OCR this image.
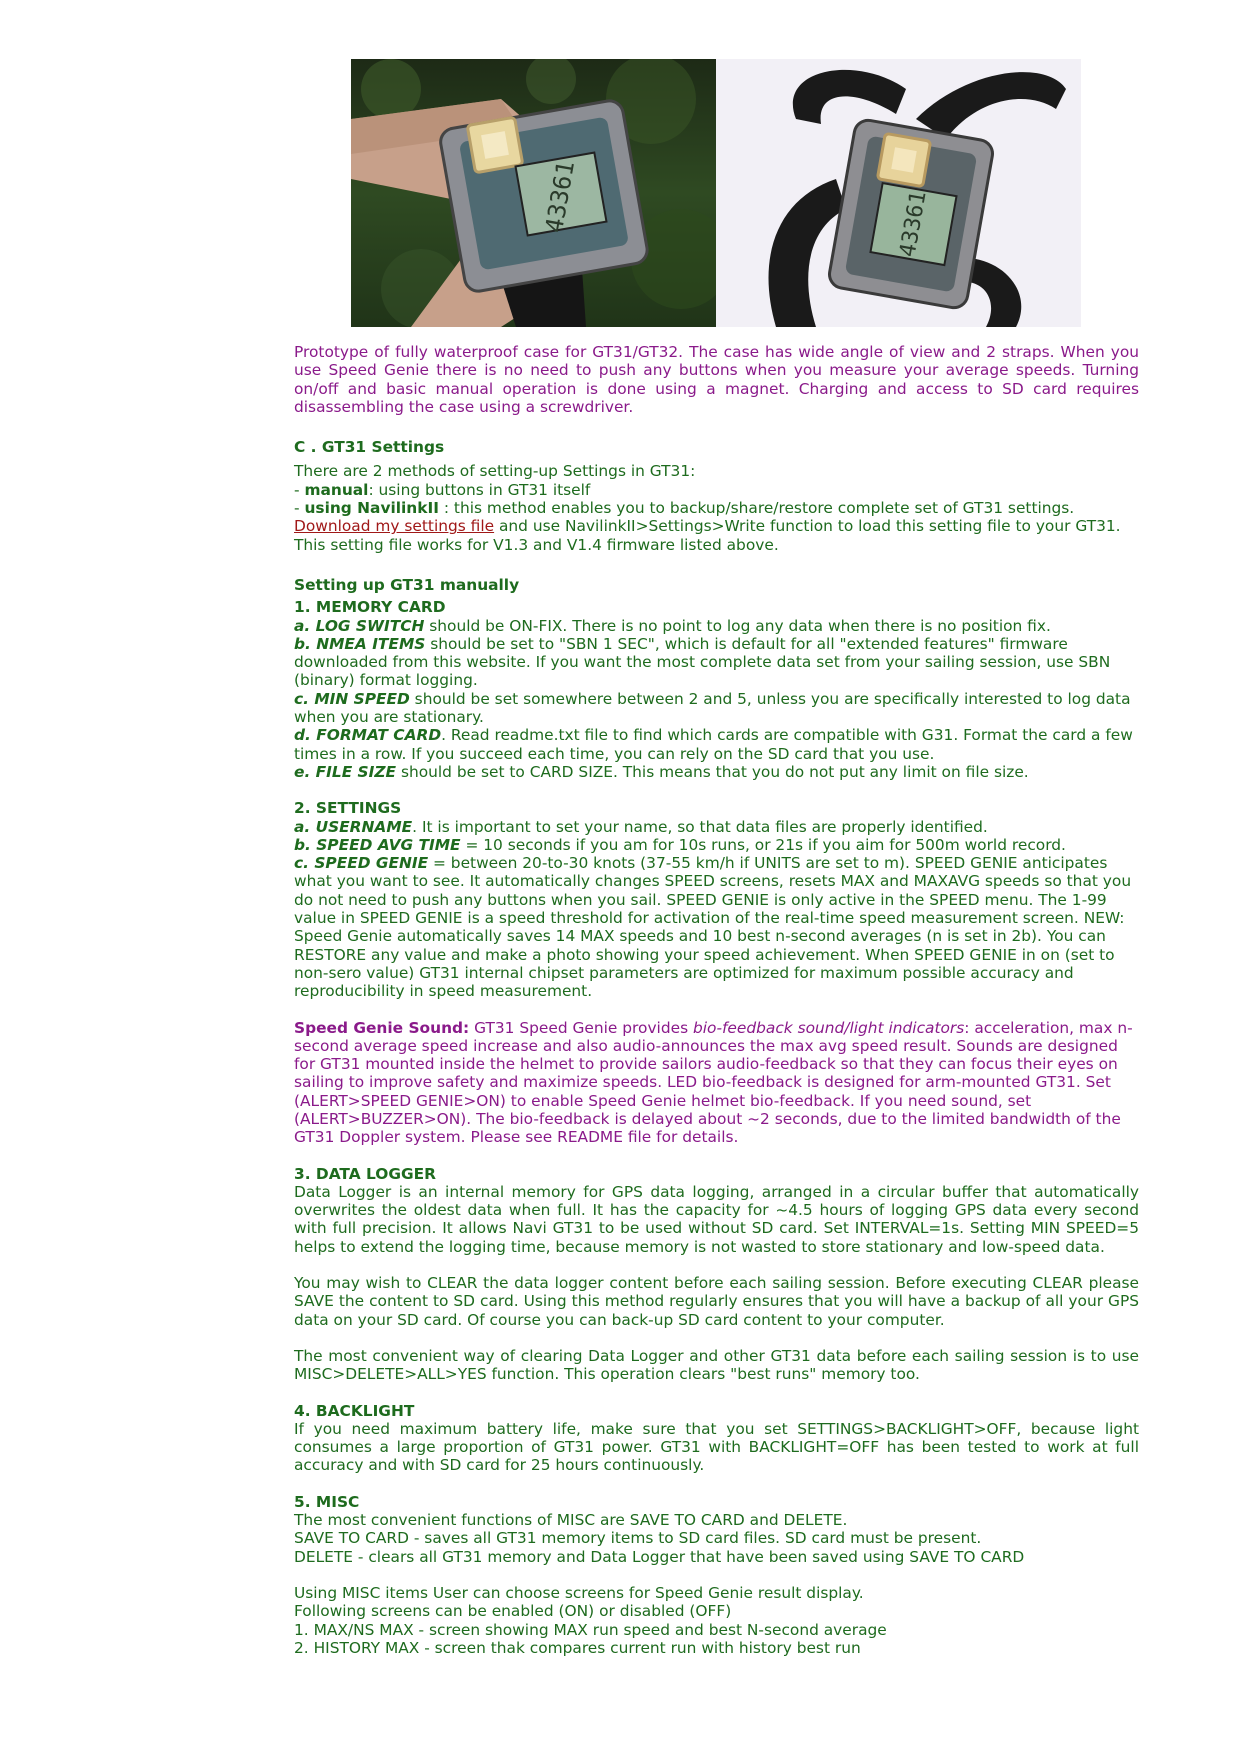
43361	43361

Prototype of fully waterproof case for GT31/GT32. The case has wide angle of view and 2 straps. When you use Speed Genie there is no need to push any buttons when you measure your average speeds. Turning on/off and basic manual operation is done using a magnet. Charging and access to SD card requires disassembling the case using a screwdriver.

C . GT31 Settings

There are 2 methods of setting-up Settings in GT31:

- manual: using buttons in GT31 itself

- using NavilinkII : this method enables you to backup/share/restore complete set of GT31 settings.

Download my settings file and use NavilinkII>Settings>Write function to load this setting file to your GT31. This setting file works for V1.3 and V1.4 firmware listed above.

Setting up GT31 manually

1. MEMORY CARD

a. LOG SWITCH should be ON-FIX. There is no point to log any data when there is no position fix.

b. NMEA ITEMS should be set to "SBN 1 SEC", which is default for all "extended features" firmware downloaded from this website. If you want the most complete data set from your sailing session, use SBN (binary) format logging.

c. MIN SPEED should be set somewhere between 2 and 5, unless you are specifically interested to log data when you are stationary.

d. FORMAT CARD. Read readme.txt file to find which cards are compatible with G31. Format the card a few times in a row. If you succeed each time, you can rely on the SD card that you use.

e. FILE SIZE should be set to CARD SIZE. This means that you do not put any limit on file size.

2. SETTINGS

a. USERNAME. It is important to set your name, so that data files are properly identified.

b. SPEED AVG TIME = 10 seconds if you am for 10s runs, or 21s if you aim for 500m world record.

c. SPEED GENIE = between 20-to-30 knots (37-55 km/h if UNITS are set to m). SPEED GENIE anticipates what you want to see. It automatically changes SPEED screens, resets MAX and MAXAVG speeds so that you do not need to push any buttons when you sail. SPEED GENIE is only active in the SPEED menu. The 1-99 value in SPEED GENIE is a speed threshold for activation of the real-time speed measurement screen. NEW: Speed Genie automatically saves 14 MAX speeds and 10 best n-second averages (n is set in 2b). You can RESTORE any value and make a photo showing your speed achievement. When SPEED GENIE in on (set to non-sero value) GT31 internal chipset parameters are optimized for maximum possible accuracy and reproducibility in speed measurement.

Speed Genie Sound: GT31 Speed Genie provides bio-feedback sound/light indicators: acceleration, max n-second average speed increase and also audio-announces the max avg speed result. Sounds are designed for GT31 mounted inside the helmet to provide sailors audio-feedback so that they can focus their eyes on sailing to improve safety and maximize speeds. LED bio-feedback is designed for arm-mounted GT31. Set (ALERT>SPEED GENIE>ON) to enable Speed Genie helmet bio-feedback. If you need sound, set (ALERT>BUZZER>ON). The bio-feedback is delayed about ~2 seconds, due to the limited bandwidth of the GT31 Doppler system. Please see README file for details.

3. DATA LOGGER

Data Logger is an internal memory for GPS data logging, arranged in a circular buffer that automatically overwrites the oldest data when full. It has the capacity for ~4.5 hours of logging GPS data every second with full precision. It allows Navi GT31 to be used without SD card. Set INTERVAL=1s. Setting MIN SPEED=5 helps to extend the logging time, because memory is not wasted to store stationary and low-speed data.

You may wish to CLEAR the data logger content before each sailing session. Before executing CLEAR please SAVE the content to SD card. Using this method regularly ensures that you will have a backup of all your GPS data on your SD card. Of course you can back-up SD card content to your computer.

The most convenient way of clearing Data Logger and other GT31 data before each sailing session is to use MISC>DELETE>ALL>YES function. This operation clears "best runs" memory too.

4. BACKLIGHT

If you need maximum battery life, make sure that you set SETTINGS>BACKLIGHT>OFF, because light consumes a large proportion of GT31 power. GT31 with BACKLIGHT=OFF has been tested to work at full accuracy and with SD card for 25 hours continuously.

5. MISC

The most convenient functions of MISC are SAVE TO CARD and DELETE.

SAVE TO CARD - saves all GT31 memory items to SD card files. SD card must be present.

DELETE - clears all GT31 memory and Data Logger that have been saved using SAVE TO CARD

Using MISC items User can choose screens for Speed Genie result display.

Following screens can be enabled (ON) or disabled (OFF)

1. MAX/NS MAX - screen showing MAX run speed and best N-second average

2. HISTORY MAX - screen thak compares current run with history best run
